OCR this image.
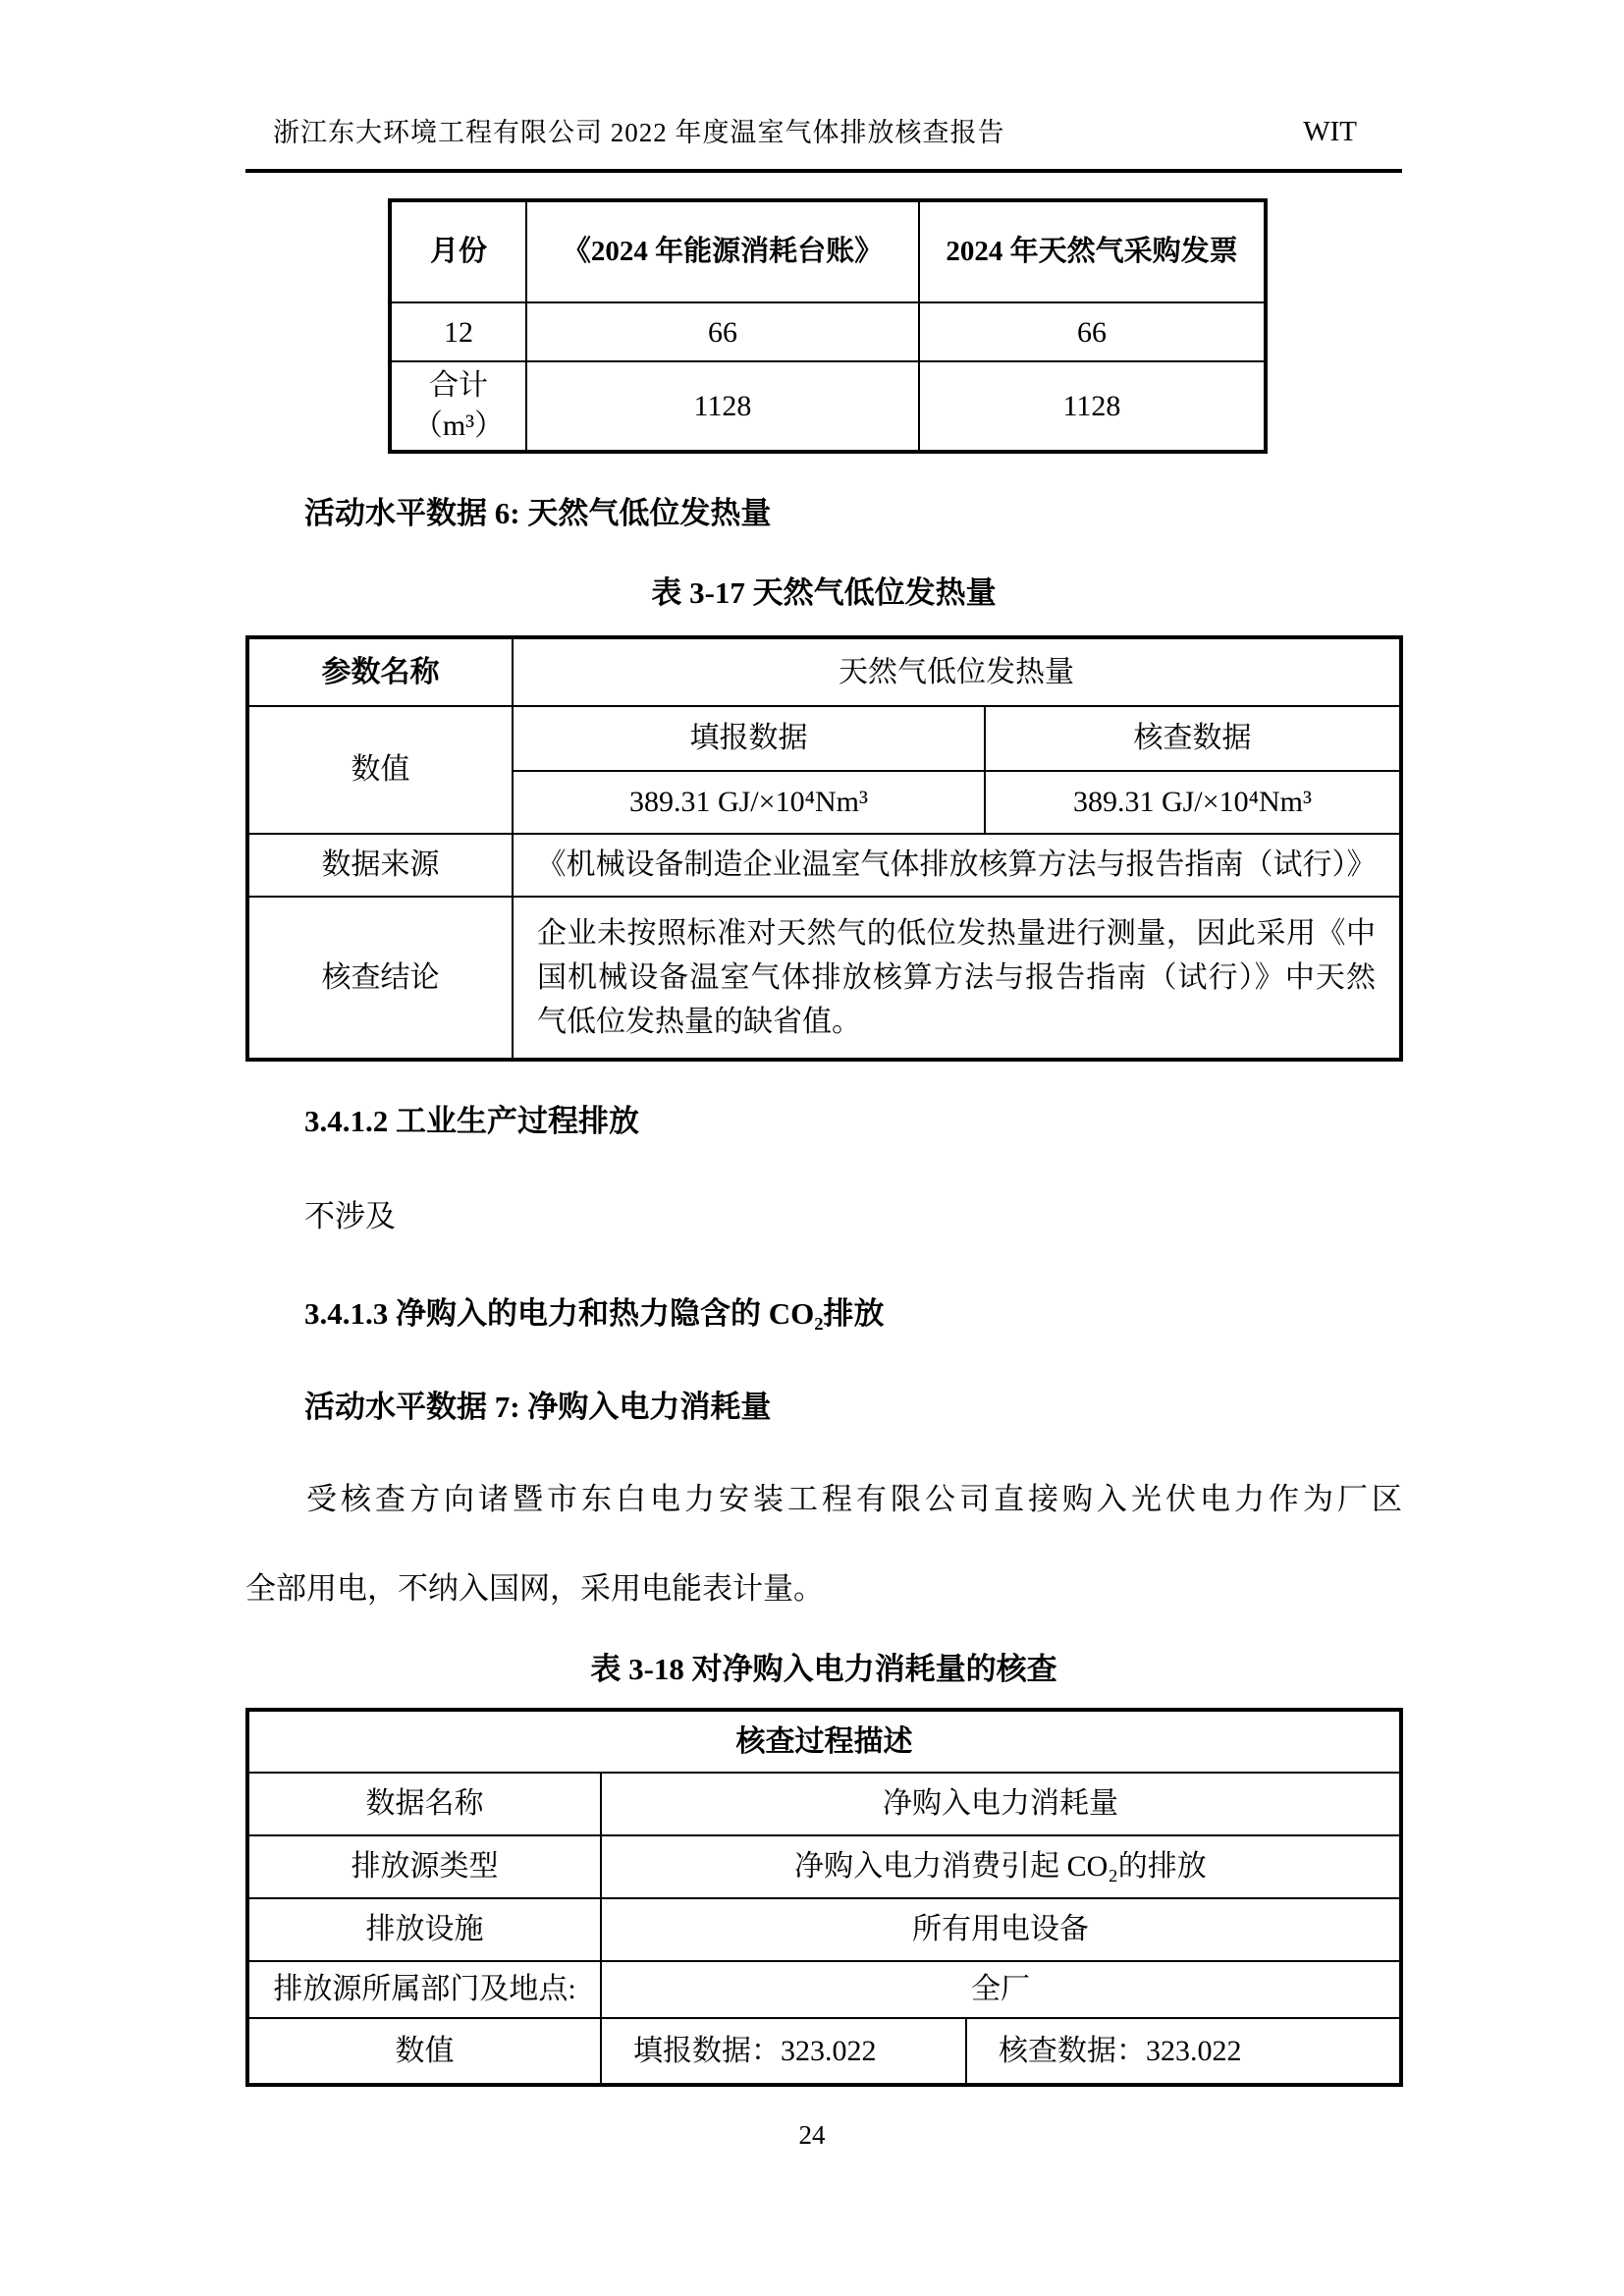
浙江东大环境工程有限公司 2022 年度温室气体排放核查报告	WIT
月份	《2024 年能源消耗台账》	2024 年天然气采购发票
12	66	66

合计
（m³）	1128	1128

活动水平数据 6: 天然气低位发热量

表 3-17 天然气低位发热量

参数名称	天然气低位发热量	
数值	填报数据	核查数据
	389.31 GJ/×10⁴Nm³	389.31 GJ/×10⁴Nm³
数据来源	《机械设备制造企业温室气体排放核算方法与报告指南（试行）》	
核查结论	企业未按照标准对天然气的低位发热量进行测量，因此采用《中国机械设备温室气体排放核算方法与报告指南（试行）》中天然气低位发热量的缺省值。	

3.4.1.2 工业生产过程排放

不涉及

3.4.1.3 净购入的电力和热力隐含的 CO₂排放

活动水平数据 7: 净购入电力消耗量

受核查方向诸暨市东白电力安装工程有限公司直接购入光伏电力作为厂区
全部用电，不纳入国网，采用电能表计量。

表 3-18 对净购入电力消耗量的核查

核查过程描述		
数据名称	净购入电力消耗量	
排放源类型	净购入电力消费引起 CO₂的排放	
排放设施	所有用电设备	
排放源所属部门及地点:	全厂	
数值	填报数据：323.022	核查数据：323.022
24
